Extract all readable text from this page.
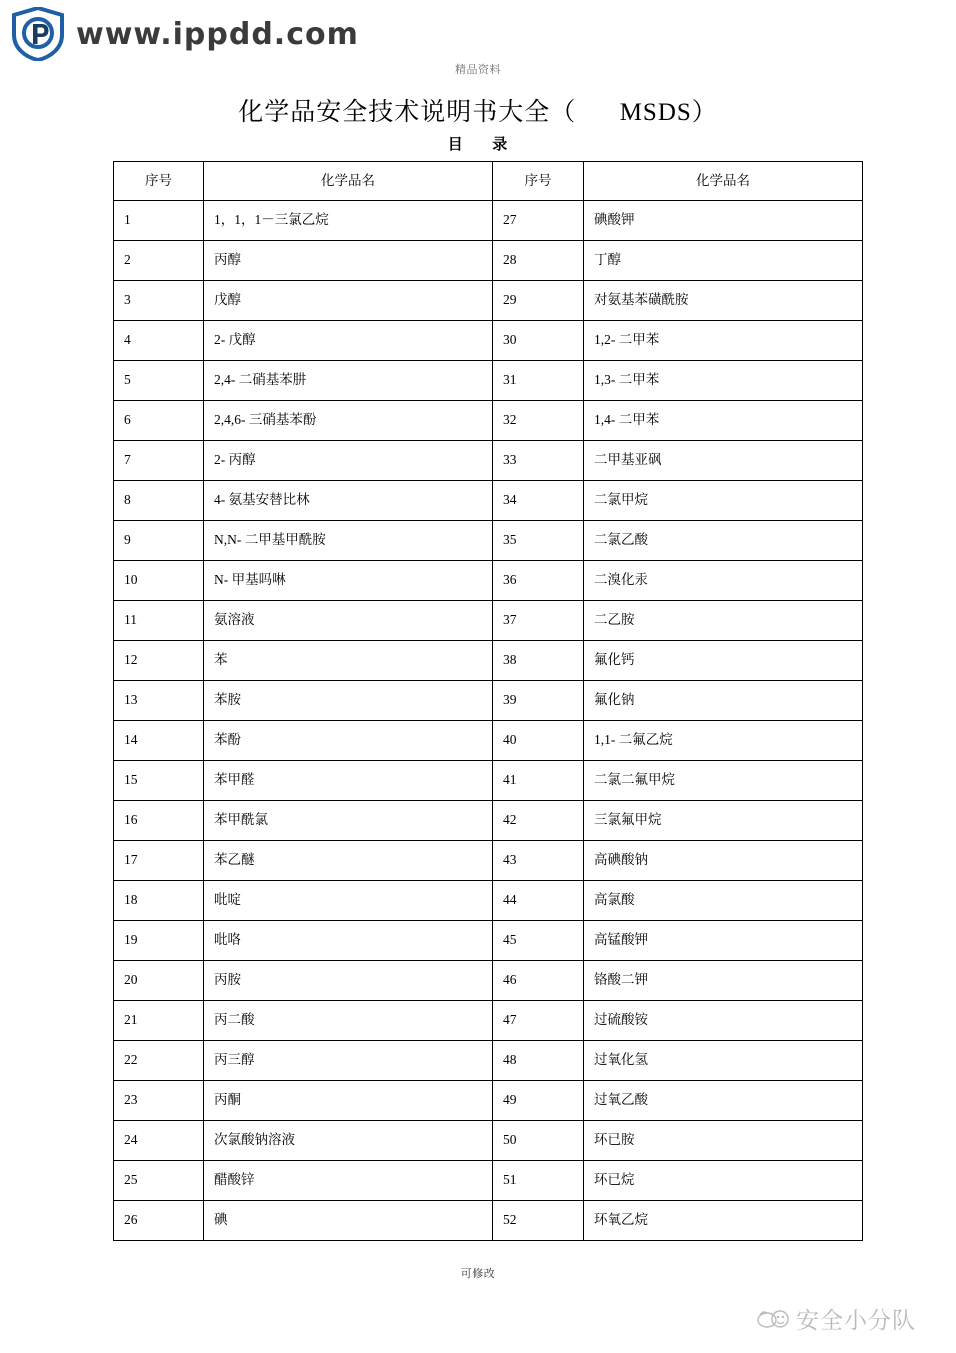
www.ippdd.com
精品资料
化学品安全技术说明书大全（      MSDS）
目      录
序号	化学品名	序号	化学品名
1	1，1，1－三氯乙烷	27	碘酸钾
2	丙醇	28	丁醇
3	戊醇	29	对氨基苯磺酰胺
4	2- 戊醇	30	1,2- 二甲苯
5	2,4- 二硝基苯肼	31	1,3- 二甲苯
6	2,4,6- 三硝基苯酚	32	1,4- 二甲苯
7	2- 丙醇	33	二甲基亚砜
8	4- 氨基安替比林	34	二氯甲烷
9	N,N- 二甲基甲酰胺	35	二氯乙酸
10	N- 甲基吗啉	36	二溴化汞
11	氨溶液	37	二乙胺
12	苯	38	氟化钙
13	苯胺	39	氟化钠
14	苯酚	40	1,1- 二氟乙烷
15	苯甲醛	41	二氯二氟甲烷
16	苯甲酰氯	42	三氯氟甲烷
17	苯乙醚	43	高碘酸钠
18	吡啶	44	高氯酸
19	吡咯	45	高锰酸钾
20	丙胺	46	铬酸二钾
21	丙二酸	47	过硫酸铵
22	丙三醇	48	过氧化氢
23	丙酮	49	过氧乙酸
24	次氯酸钠溶液	50	环已胺
25	醋酸锌	51	环已烷
26	碘	52	环氧乙烷
可修改
安全小分队
